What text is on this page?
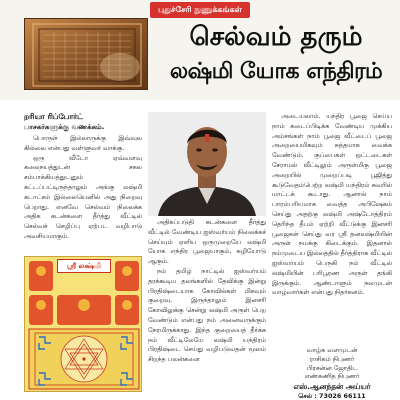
புதுச்சேரி நுணுக்கங்கள்
செல்வம் தரும்
லஷ்மி யோக எந்திரம்
றரியா ரிப்போர்ட்
பாசகர்களுக்கு வணக்கம்.

பொருள் இல்லாருக்கு இவ்வுல கில்லை என்பது வள்ளுவர் வாக்கு.

ஒரு வீடோ ஏவ்வளவு கலைநயத்துடன் சகல சம்பாக்கியத்துடனும் கட்டப்பட்டிருந்தாலும் அங்கு லஷ்மி கடாட்சம் இல்லையெனில் அது நிறைவு பெறாது. எனவே செல்வம் நிலைக்க அதிக கடன்களை தீர்த்து வீட்டில் செல்வச் செழிப்பு ஏற்பட வழிபாடு அவசியமாகும்.

அதிகப்படுதி கடன்களை தீர்த்து வீட்டில் வேண்டிய ஐஸ்வர்யம் நிலைக்கச் செய்யும் ஏளிய ஒருமுறையே லஷ்மி யோக எந்திர பூஜையாகும், சுழியோடு ஆகும்.

நம் தமிழ் நாட்டில் ஐஸ்வர்யம் தரக்கூடிய தலங்களில் தேவிக்கு இன்று பிரதிஷ்டையாக கோவில்கள் மிகவும் குறைவு. இருந்தாலும் இனசரி கோவிலுக்கு சென்று லஷ்மி அருள் பெற வேண்டும் என்பது நம் அனைவருக்கும் நேரமிருக்காது. இந்த குறையைத் தீர்க்க நம் வீட்டிலேயே லஷ்மி யந்திரம் பிரதிஷ்டை செய்து வழிபடுவதன் மூலம் சிறந்த பலன்களை

ஸ்ரீ லக்ஷ்மி

அடையலாம். யந்திர பூஜை செய்ய நாம் கடைப்பிடிக்க வேண்டிய முக்கிய அம்சங்கள் நாம் பூஜை வீட்டைப் பூஜை அறையைமிகவும் சுத்தமாக வைக்க வேண்டும். குப்பைகள் ஒட்டடைகள் சேராமல் வீட்டிலும் அருள்மிகு பூஜை அறையில் முறைப்படி பூஜித்து கூடுவேதம்பெற்ற லஷ்மி யந்திரம் சுவரில் மாட்டக் கூடாது. ஆனால் நாம் பாரம்பரியமாக வைத்த அபிஷேகம் செய்து அதற்கு லஷ்மி அஷ்டோத்திரம் தெரிந்த தீபம் ஏற்றி வீட்டுக்கு இனசரி பூஜைகள் செய்து வர ஸ்ரீ தனலஷ்மியின் அருள் நமக்கு கிடைக்கும். இதனால் நம்முடைய இல்லத்தில் தீர்த்திராக வீட்டில் ஐஸ்வர்யம் பெருகி நம் வீட்டில் லஷ்மியின் பரிபூரண அருள் தங்கி இருக்கும். ஆண்டாளும் நலமுடன் வாழ்வார்கள் என்பது நிதர்சனம்.

வாழ்க வளமுடன்
ராசிகம் நிபுணர்
பிரசன்ன ஜோதிட
எண்கணித நிபுணர்
எஸ்.ஆனந்தன் அய்யர்
செல் : 73026 66111
